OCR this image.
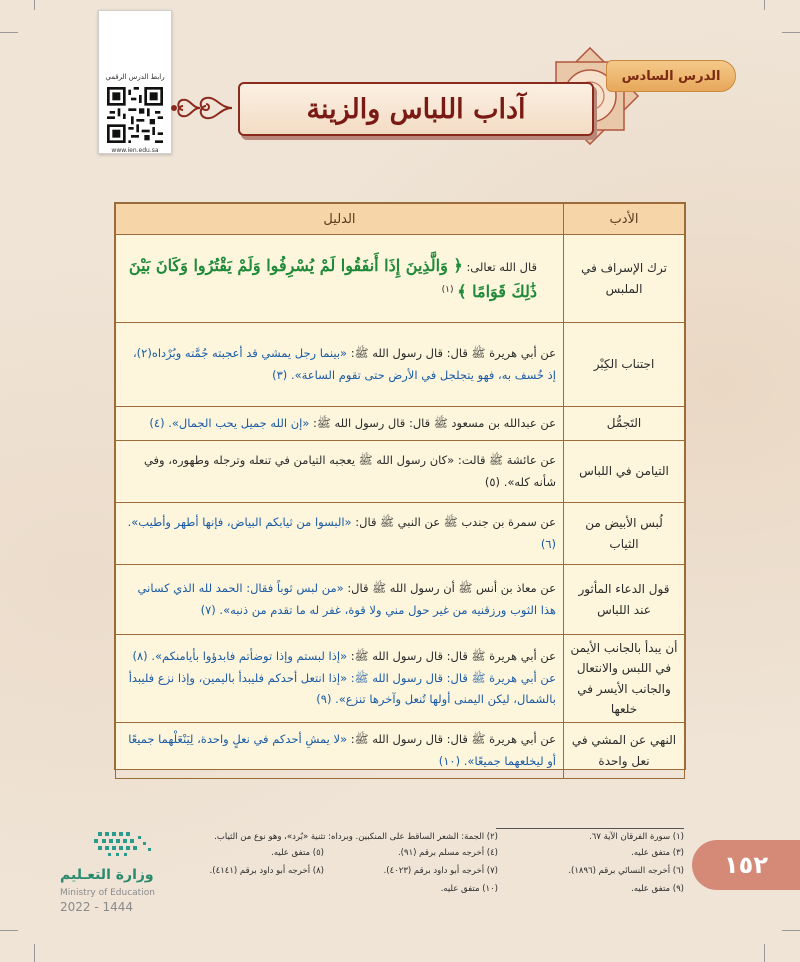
رابط الدرس الرقمي
www.ien.edu.sa
الدرس السادس
آداب اللباس والزينة
الأدب	الدليل
ترك الإسراف في الملبس	قال الله تعالى: ﴿ وَالَّذِينَ إِذَا أَنفَقُوا لَمْ يُسْرِفُوا وَلَمْ يَقْتُرُوا وَكَانَ بَيْنَ ذَٰلِكَ قَوَامًا ﴾ $^{(١)}$
اجتناب الكِبْر	عن أبي هريرة ﷺ قال: قال رسول الله ﷺ: «بينما رجل يمشي قد أعجبته جُمَّته وبُرْداه(٢)، إذ خُسف به، فهو يتجلجل في الأرض حتى تقوم الساعة». (٣)
التَجمُّل	عن عبدالله بن مسعود ﷺ قال: قال رسول الله ﷺ: «إن الله جميل يحب الجمال». (٤)
التيامن في اللباس	عن عائشة ﷺ قالت: «كان رسول الله ﷺ يعجبه التيامن في تنعله وترجله وطهوره، وفي شأنه كله». (٥)
لُبس الأبيض من الثياب	عن سمرة بن جندب ﷺ عن النبي ﷺ قال: «البسوا من ثيابكم البياض، فإنها أطهر وأطيب». (٦)
قول الدعاء المأثور عند اللباس	عن معاذ بن أنس ﷺ أن رسول الله ﷺ قال: «من لبس ثوباً فقال: الحمد لله الذي كساني هذا الثوب ورزقنيه من غير حول مني ولا قوة، غفر له ما تقدم من ذنبه». (٧)
أن يبدأ بالجانب الأيمن في اللبس والانتعال والجانب الأيسر في خلعها	عن أبي هريرة ﷺ قال: قال رسول الله ﷺ: «إذا لبستم وإذا توضأتم فابدؤوا بأيامنكم». (٨) عن أبي هريرة ﷺ قال: قال رسول الله ﷺ: «إذا انتعل أحدكم فليبدأ باليمين، وإذا نزع فليبدأ بالشمال، ليكن اليمنى أولها تُنعل وآخرها تنزع». (٩)
النهي عن المشي في نعل واحدة	عن أبي هريرة ﷺ قال: قال رسول الله ﷺ: «لا يمشِ أحدكم في نعلٍ واحدة، لِيَنْعَلْهما جميعًا أو ليخلعهما جميعًا». (١٠)
(١) سورة الفرقان الآية ٦٧.
(٣) متفق عليه.
(٦) أخرجه النسائي برقم (١٨٩٦).
(٩) متفق عليه.
(٢) الجمة: الشعر الساقط على المنكبين. وبرداه: تثنية «بُرد»، وهو نوع من الثياب.
(٤) أخرجه مسلم برقم (٩١).
(٧) أخرجه أبو داود برقم (٤٠٢٣).
(١٠) متفق عليه.
(٥) متفق عليه.
(٨) أخرجه أبو داود برقم (٤١٤١).	١٥٢
وزارة التعـليم
Ministry of Education
2022 - 1444
